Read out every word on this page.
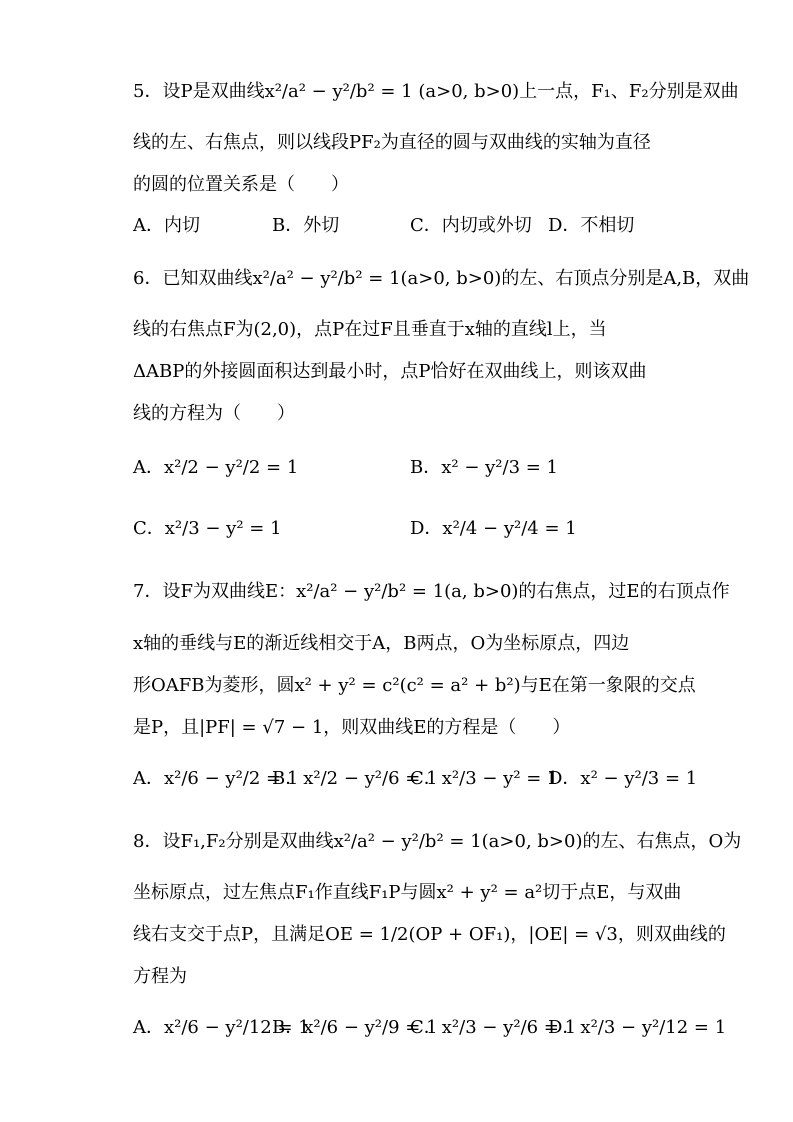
5．设P是双曲线x²/a² − y²/b² = 1 (a>0, b>0)上一点，F₁、F₂分别是双曲
线的左、右焦点，则以线段PF₂为直径的圆与双曲线的实轴为直径
的圆的位置关系是（　　）
A．内切	B．外切	C．内切或外切 D．不相切
6．已知双曲线x²/a² − y²/b² = 1(a>0, b>0)的左、右顶点分别是A,B，双曲
线的右焦点F为(2,0)，点P在过F且垂直于x轴的直线l上，当
ΔABP的外接圆面积达到最小时，点P恰好在双曲线上，则该双曲
线的方程为（　　）
A．x²/2 − y²/2 = 1	B．x² − y²/3 = 1
C．x²/3 − y² = 1	D．x²/4 − y²/4 = 1
7．设F为双曲线E：x²/a² − y²/b² = 1(a, b>0)的右焦点，过E的右顶点作
x轴的垂线与E的渐近线相交于A，B两点，O为坐标原点，四边
形OAFB为菱形，圆x² + y² = c²(c² = a² + b²)与E在第一象限的交点
是P，且|PF| = √7 − 1，则双曲线E的方程是（　　）
A．x²/6 − y²/2 = 1
B．x²/2 − y²/6 = 1
C．x²/3 − y² = 1
D．x² − y²/3 = 1
8．设F₁,F₂分别是双曲线x²/a² − y²/b² = 1(a>0, b>0)的左、右焦点，O为
坐标原点，过左焦点F₁作直线F₁P与圆x² + y² = a²切于点E，与双曲
线右支交于点P，且满足OE = 1/2(OP + OF₁)，|OE| = √3，则双曲线的
方程为
A．x²/6 − y²/12 = 1
B．x²/6 − y²/9 = 1
C．x²/3 − y²/6 = 1
D．x²/3 − y²/12 = 1
